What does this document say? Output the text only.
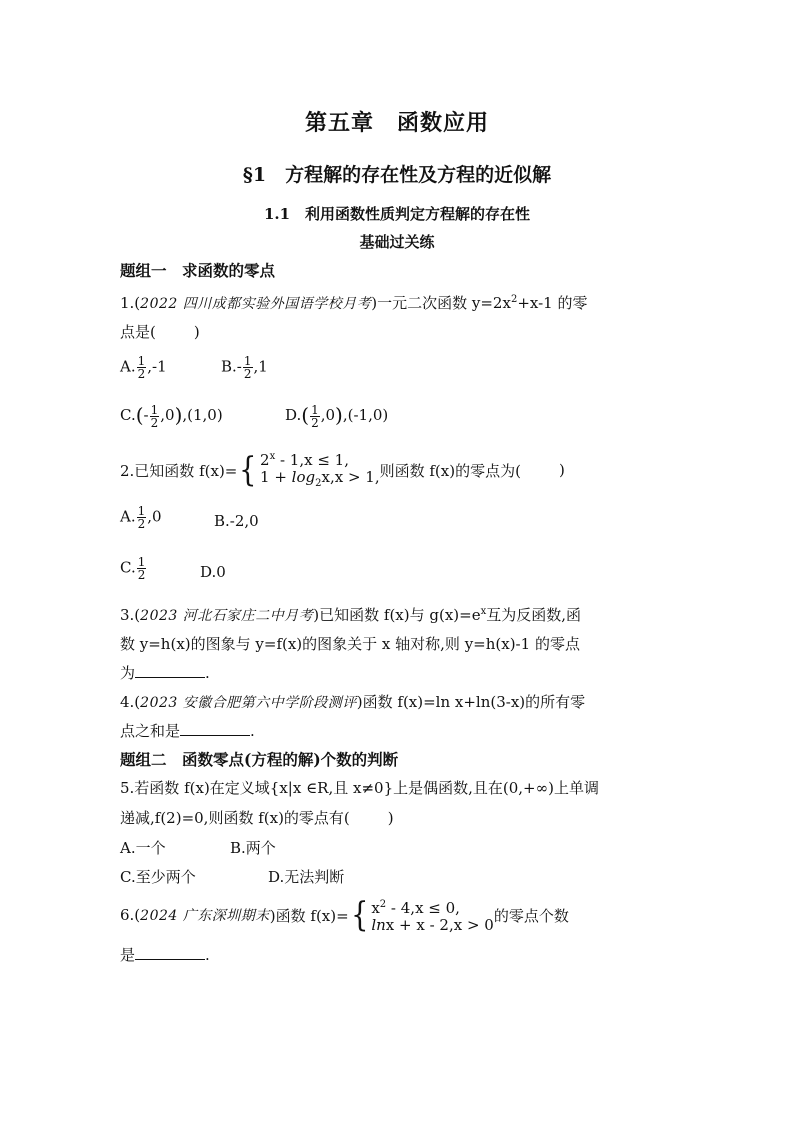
第五章　函数应用
§1　方程解的存在性及方程的近似解
1.1　利用函数性质判定方程解的存在性
基础过关练
题组一　求函数的零点
1.(2022 四川成都实验外国语学校月考)一元二次函数 $y=2x^2+x-1$ 的零
点是(	)
A. $\frac{1}{2} ,-1$	$B.- \frac{1}{2} ,1$
$C.(- \frac{1}{2} ,0),(1,0)$	$D.( \frac{1}{2} ,0),(-1,0)$
2.已知函数 f(x)= { 2$^x$ - 1,x ≤ 1,
$1 + \log_2x,x > 1$, 则函数 f(x)的零点为(	)
A. $\frac{1}{2} ,0$	B.-2,0
C. $\frac{1}{2}$	D.0
3.(2023 河北石家庄二中月考)已知函数 f(x)与 $g(x)=e^x$互为反函数,函
数 y=h(x)的图象与 y=f(x)的图象关于 x 轴对称,则 y=h(x)-1 的零点
为	.
4.(2023 安徽合肥第六中学阶段测评)函数 f(x)=ln x+ln(3-x)的所有零
点之和是	.
题组二　函数零点(方程的解)个数的判断
5.若函数 f(x)在定义域{x|x ∈R,且 x≠0}上是偶函数,且在(0,+∞)上单调
递减,f(2)=0,则函数 f(x)的零点有(	)
A.一个	B.两个
C.至少两个	D.无法判断
6.( 2024 广东深圳期末 )函数 f(x)= { $x^2 - 4,x \le 0$,
lnx + x - 2,x > 0
的零点个数
是	.
